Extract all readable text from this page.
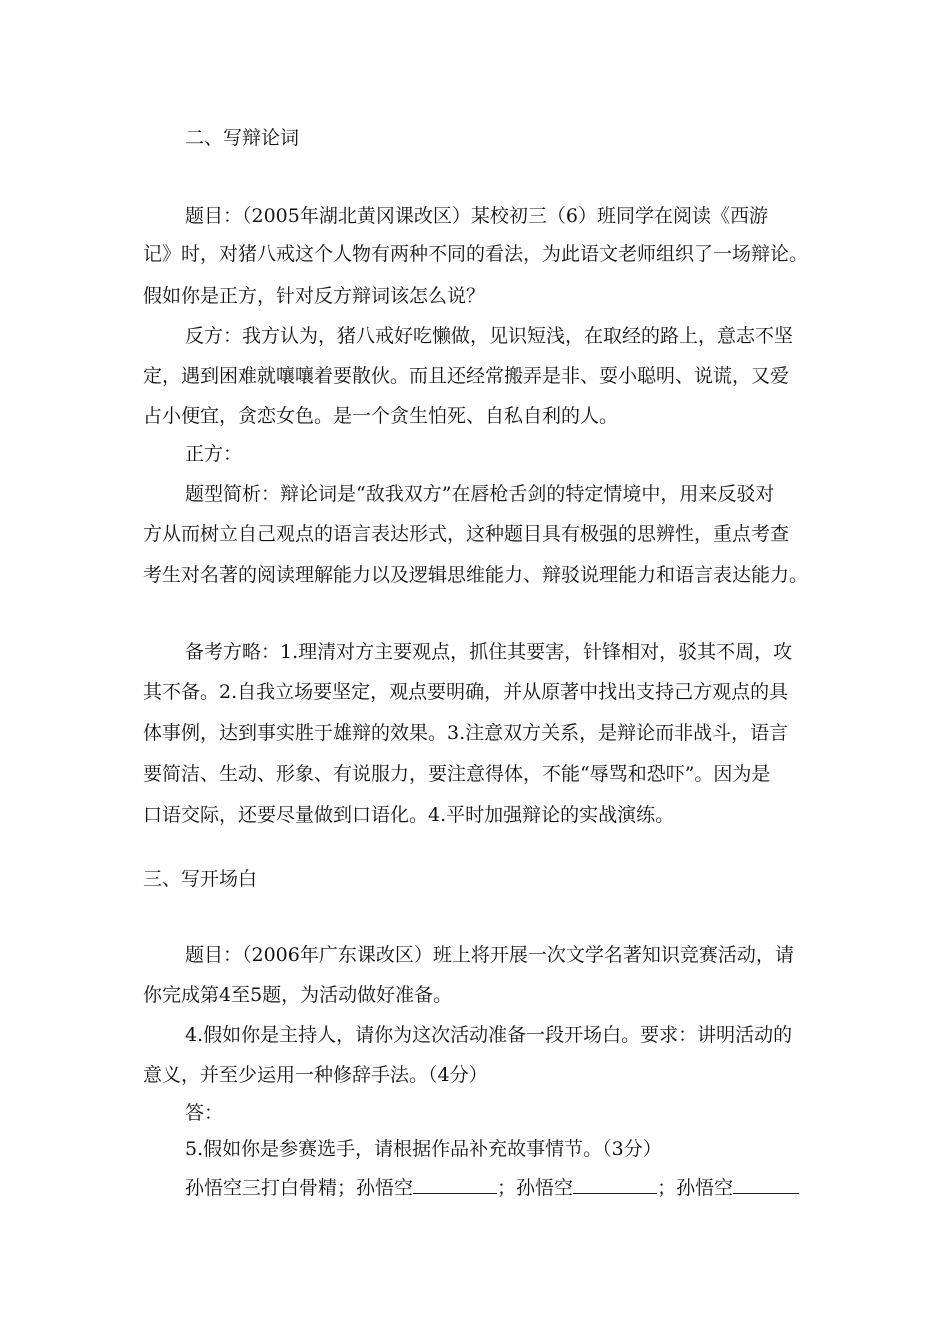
二、写辩论词
题目：（2005年湖北黄冈课改区）某校初三（6）班同学在阅读《西游
记》时，对猪八戒这个人物有两种不同的看法，为此语文老师组织了一场辩论。
假如你是正方，针对反方辩词该怎么说？
反方：我方认为，猪八戒好吃懒做，见识短浅，在取经的路上，意志不坚
定，遇到困难就嚷嚷着要散伙。而且还经常搬弄是非、耍小聪明、说谎，又爱
占小便宜，贪恋女色。是一个贪生怕死、自私自利的人。
正方：
题型简析：辩论词是“敌我双方”在唇枪舌剑的特定情境中，用来反驳对
方从而树立自己观点的语言表达形式，这种题目具有极强的思辨性，重点考查
考生对名著的阅读理解能力以及逻辑思维能力、辩驳说理能力和语言表达能力。
备考方略：1.理清对方主要观点，抓住其要害，针锋相对，驳其不周，攻
其不备。2.自我立场要坚定，观点要明确，并从原著中找出支持己方观点的具
体事例，达到事实胜于雄辩的效果。3.注意双方关系，是辩论而非战斗，语言
要简洁、生动、形象、有说服力，要注意得体，不能“辱骂和恐吓”。因为是
口语交际，还要尽量做到口语化。4.平时加强辩论的实战演练。
三、写开场白
题目：（2006年广东课改区）班上将开展一次文学名著知识竞赛活动，请
你完成第4至5题，为活动做好准备。
4.假如你是主持人，请你为这次活动准备一段开场白。要求：讲明活动的
意义，并至少运用一种修辞手法。（4分）
答：
5.假如你是参赛选手，请根据作品补充故事情节。（3分）
孙悟空三打白骨精；孙悟空	；孙悟空	；孙悟空
